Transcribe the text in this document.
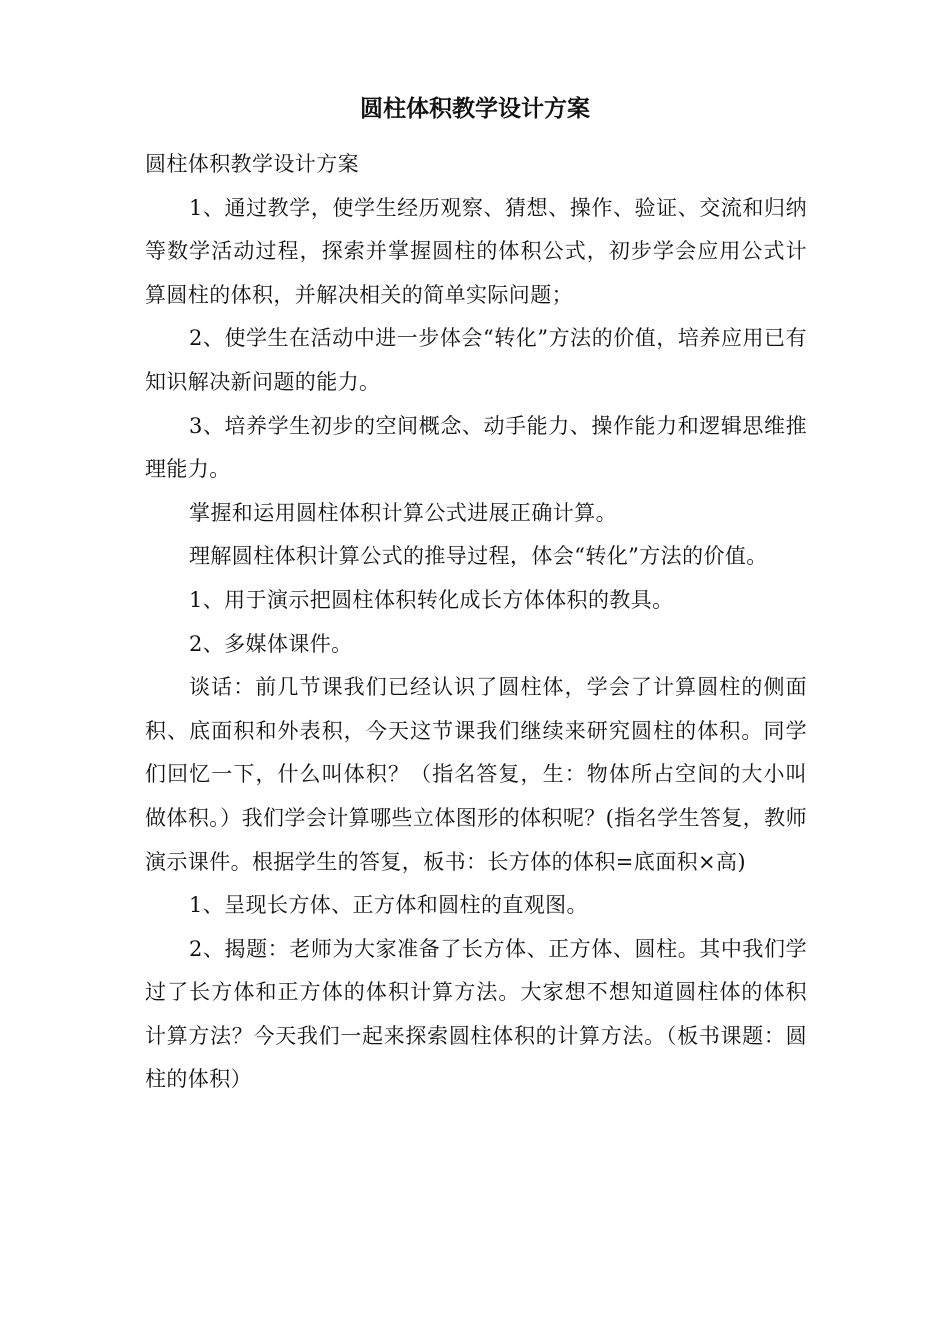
圆柱体积教学设计方案

圆柱体积教学设计方案

1、通过教学，使学生经历观察、猜想、操作、验证、交流和归纳等数学活动过程，探索并掌握圆柱的体积公式，初步学会应用公式计算圆柱的体积，并解决相关的简单实际问题；

2、使学生在活动中进一步体会“转化”方法的价值，培养应用已有知识解决新问题的能力。

3、培养学生初步的空间概念、动手能力、操作能力和逻辑思维推理能力。

掌握和运用圆柱体积计算公式进展正确计算。

理解圆柱体积计算公式的推导过程，体会“转化”方法的价值。

1、用于演示把圆柱体积转化成长方体体积的教具。

2、多媒体课件。

谈话：前几节课我们已经认识了圆柱体，学会了计算圆柱的侧面积、底面积和外表积，今天这节课我们继续来研究圆柱的体积。同学们回忆一下，什么叫体积？（指名答复，生：物体所占空间的大小叫做体积。）我们学会计算哪些立体图形的体积呢？(指名学生答复，教师演示课件。根据学生的答复，板书：长方体的体积=底面积×高)

1、呈现长方体、正方体和圆柱的直观图。

2、揭题：老师为大家准备了长方体、正方体、圆柱。其中我们学过了长方体和正方体的体积计算方法。大家想不想知道圆柱体的体积计算方法？今天我们一起来探索圆柱体积的计算方法。（板书课题：圆柱的体积）
